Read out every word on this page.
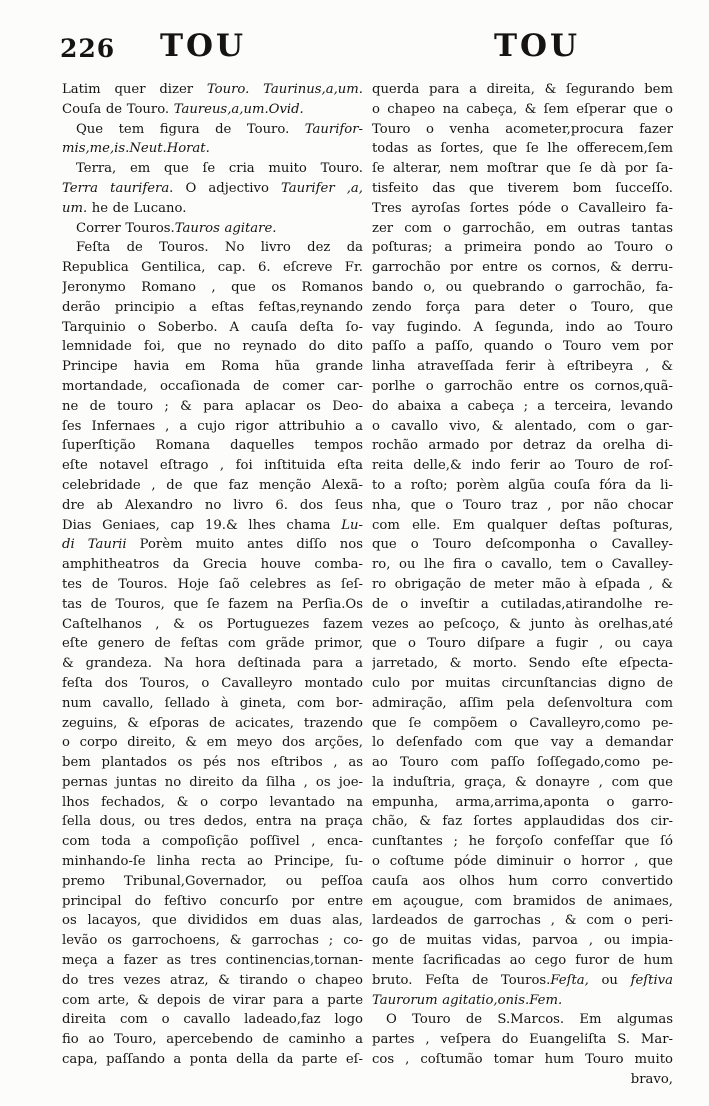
226	TOU	TOU
Latim quer dizer Touro. Taurinus,a,um.
Couſa de Touro. Taureus,a,um.Ovid.
Que tem figura de Touro. Taurifor-
mis,me,is.Neut.Horat.
Terra, em que ſe cria muito Touro.
Terra taurifera. O adjectivo Taurifer ,a,
um. he de Lucano.
Correr Touros.Tauros agitare.
Feſta de Touros. No livro dez da
Republica Gentilica, cap. 6. eſcreve Fr.
Jeronymo Romano , que os Romanos
derão principio a eſtas feſtas,reynando
Tarquinio o Soberbo. A cauſa deſta ſo-
lemnidade foi, que no reynado do dito
Principe havia em Roma hũa grande
mortandade, occaſionada de comer car-
ne de touro ; & para aplacar os Deo-
ſes Infernaes , a cujo rigor attribuhio a
ſuperſtição Romana daquelles tempos
eſte notavel eſtrago , foi inſtituida eſta
celebridade , de que faz menção Alexã-
dre ab Alexandro no livro 6. dos ſeus
Dias Geniaes, cap 19.& lhes chama Lu-
di Taurii Porèm muito antes diſſo nos
amphitheatros da Grecia houve comba-
tes de Touros. Hoje ſaõ celebres as ſeſ-
tas de Touros, que ſe fazem na Perſia.Os
Caſtelhanos , & os Portuguezes fazem
eſte genero de feſtas com grãde primor,
& grandeza. Na hora deſtinada para a
feſta dos Touros, o Cavalleyro montado
num cavallo, ſellado à gineta, com bor-
zeguins, & eſporas de acicates, trazendo
o corpo direito, & em meyo dos arções,
bem plantados os pés nos eſtribos , as
pernas juntas no direito da ſilha , os joe-
lhos fechados, & o corpo levantado na
ſella dous, ou tres dedos, entra na praça
com toda a compoſição poſſivel , enca-
minhando-ſe linha recta ao Principe, ſu-
premo Tribunal,Governador, ou peſſoa
principal do feſtivo concurſo por entre
os lacayos, que divididos em duas alas,
levão os garrochoens, & garrochas ; co-
meça a fazer as tres continencias,tornan-
do tres vezes atraz, & tirando o chapeo
com arte, & depois de virar para a parte
direita com o cavallo ladeado,faz logo
fio ao Touro, apercebendo de caminho a
capa, paſſando a ponta della da parte eſ-
querda para a direita, & ſegurando bem
o chapeo na cabeça, & ſem eſperar que o
Touro o venha acometer,procura fazer
todas as ſortes, que ſe lhe offerecem,ſem
ſe alterar, nem moſtrar que ſe dà por ſa-
tisfeito das que tiverem bom ſucceſſo.
Tres ayroſas ſortes póde o Cavalleiro fa-
zer com o garrochão, em outras tantas
poſturas; a primeira pondo ao Touro o
garrochão por entre os cornos, & derru-
bando o, ou quebrando o garrochão, fa-
zendo força para deter o Touro, que
vay fugindo. A ſegunda, indo ao Touro
paſſo a paſſo, quando o Touro vem por
linha atraveſſada ferir à eſtribeyra , &
porlhe o garrochão entre os cornos,quã-
do abaixa a cabeça ; a terceira, levando
o cavallo vivo, & alentado, com o gar-
rochão armado por detraz da orelha di-
reita delle,& indo ferir ao Touro de roſ-
to a roſto; porèm algũa couſa fóra da li-
nha, que o Touro traz , por não chocar
com elle. Em qualquer deſtas poſturas,
que o Touro deſcomponha o Cavalley-
ro, ou lhe fira o cavallo, tem o Cavalley-
ro obrigação de meter mão à eſpada , &
de o inveſtir a cutiladas,atirandolhe re-
vezes ao peſcoço, & junto às orelhas,até
que o Touro diſpare a fugir , ou caya
jarretado, & morto. Sendo eſte eſpecta-
culo por muitas circunſtancias digno de
admiração, aſſim pela deſenvoltura com
que ſe compõem o Cavalleyro,como pe-
lo deſenfado com que vay a demandar
ao Touro com paſſo ſoſſegado,como pe-
la induſtria, graça, & donayre , com que
empunha, arma,arrima,aponta o garro-
chão, & faz ſortes applaudidas dos cir-
cunſtantes ; he forçoſo confeſſar que ſó
o coſtume póde diminuir o horror , que
cauſa aos olhos hum corro convertido
em açougue, com bramidos de animaes,
lardeados de garrochas , & com o peri-
go de muitas vidas, parvoa , ou impia-
mente ſacrificadas ao cego furor de hum
bruto. Feſta de Touros.Feſta, ou feſtiva
Taurorum agitatio,onis.Fem.
O Touro de S.Marcos. Em algumas
partes , veſpera do Euangeliſta S. Mar-
cos , coſtumão tomar hum Touro muito
bravo,
